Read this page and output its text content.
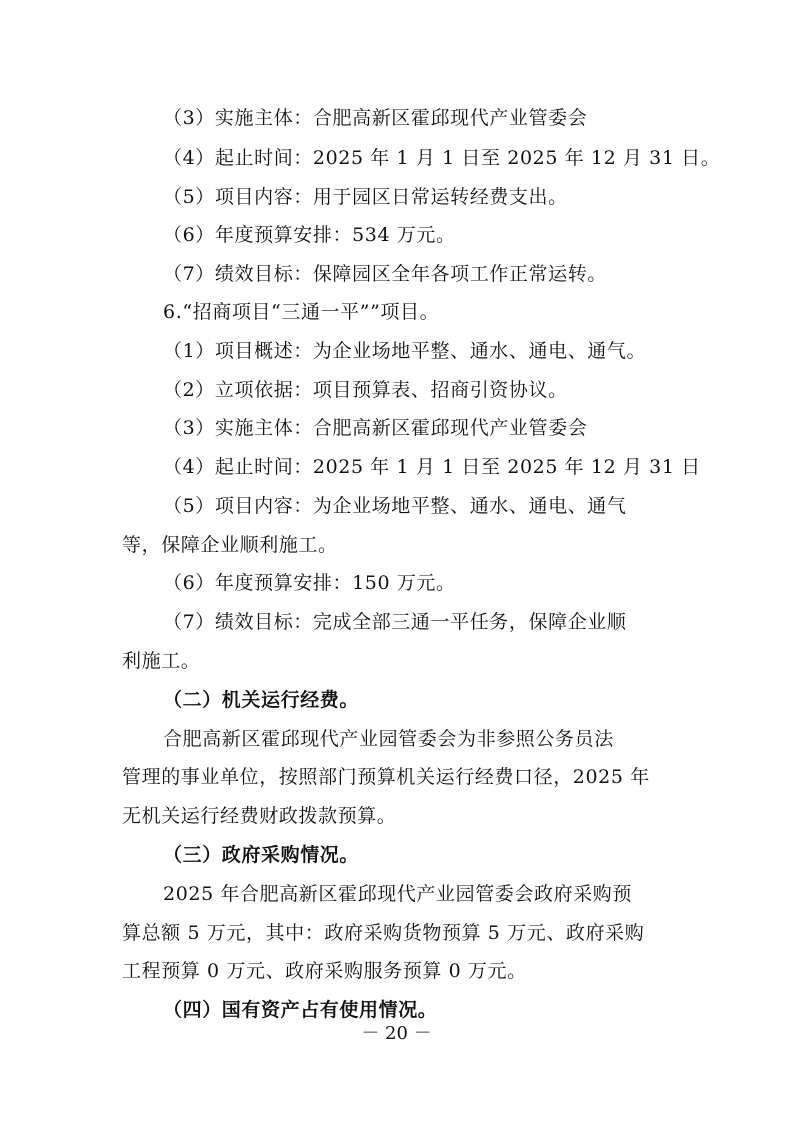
（3）实施主体：合肥高新区霍邱现代产业管委会
（4）起止时间：2025 年 1 月 1 日至 2025 年 12 月 31 日。
（5）项目内容：用于园区日常运转经费支出。
（6）年度预算安排：534 万元。
（7）绩效目标：保障园区全年各项工作正常运转。
6.“招商项目“三通一平””项目。
（1）项目概述：为企业场地平整、通水、通电、通气。
（2）立项依据：项目预算表、招商引资协议。
（3）实施主体：合肥高新区霍邱现代产业管委会
（4）起止时间：2025 年 1 月 1 日至 2025 年 12 月 31 日
（5）项目内容：为企业场地平整、通水、通电、通气
等，保障企业顺利施工。
（6）年度预算安排：150 万元。
（7）绩效目标：完成全部三通一平任务，保障企业顺
利施工。
（二）机关运行经费。
合肥高新区霍邱现代产业园管委会为非参照公务员法
管理的事业单位，按照部门预算机关运行经费口径，2025 年
无机关运行经费财政拨款预算。
（三）政府采购情况。
2025 年合肥高新区霍邱现代产业园管委会政府采购预
算总额 5 万元，其中：政府采购货物预算 5 万元、政府采购
工程预算 0 万元、政府采购服务预算 0 万元。
（四）国有资产占有使用情况。
－ 20 －
